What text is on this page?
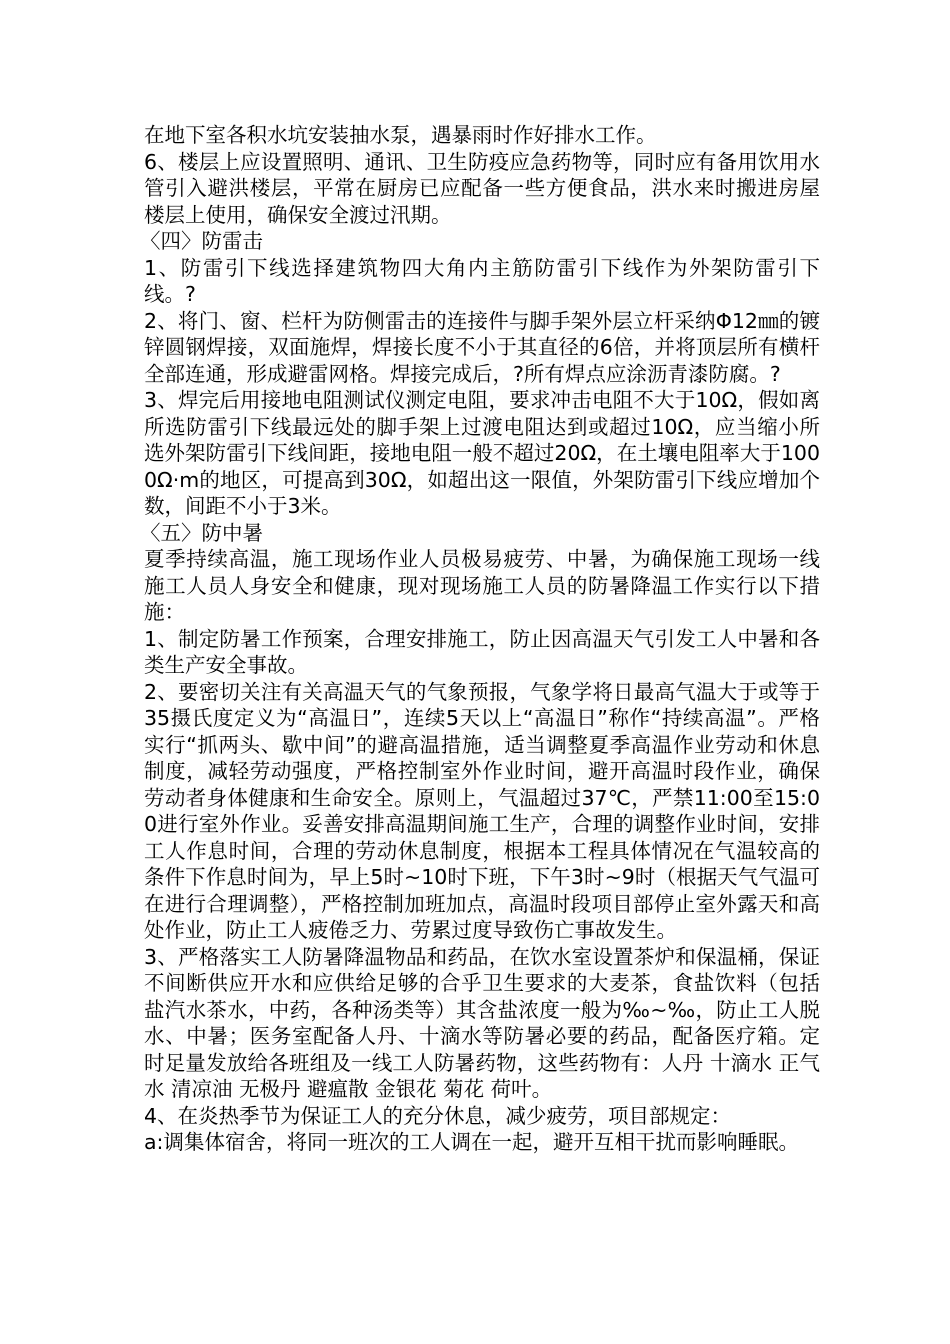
在地下室各积水坑安装抽水泵，遇暴雨时作好排水工作。

6、楼层上应设置照明、通讯、卫生防疫应急药物等，同时应有备用饮用水管引入避洪楼层，平常在厨房已应配备一些方便食品，洪水来时搬进房屋楼层上使用，确保安全渡过汛期。

〈四〉防雷击

1、防雷引下线选择建筑物四大角内主筋防雷引下线作为外架防雷引下线。?

2、将门、窗、栏杆为防侧雷击的连接件与脚手架外层立杆采纳Φ12㎜的镀锌圆钢焊接，双面施焊，焊接长度不小于其直径的6倍，并将顶层所有横杆全部连通，形成避雷网格。焊接完成后，?所有焊点应涂沥青漆防腐。?

3、焊完后用接地电阻测试仪测定电阻，要求冲击电阻不大于10Ω，假如离所选防雷引下线最远处的脚手架上过渡电阻达到或超过10Ω，应当缩小所选外架防雷引下线间距，接地电阻一般不超过20Ω，在土壤电阻率大于1000Ω·m的地区，可提高到30Ω，如超出这一限值，外架防雷引下线应增加个数，间距不小于3米。

〈五〉防中暑

夏季持续高温，施工现场作业人员极易疲劳、中暑，为确保施工现场一线施工人员人身安全和健康，现对现场施工人员的防暑降温工作实行以下措施：

1、制定防暑工作预案，合理安排施工，防止因高温天气引发工人中暑和各类生产安全事故。

2、要密切关注有关高温天气的气象预报，气象学将日最高气温大于或等于35摄氏度定义为“高温日”，连续5天以上“高温日”称作“持续高温”。严格实行“抓两头、歇中间”的避高温措施，适当调整夏季高温作业劳动和休息制度，减轻劳动强度，严格控制室外作业时间，避开高温时段作业，确保劳动者身体健康和生命安全。原则上，气温超过37℃，严禁11:00至15:00进行室外作业。妥善安排高温期间施工生产，合理的调整作业时间，安排工人作息时间，合理的劳动休息制度，根据本工程具体情况在气温较高的条件下作息时间为，早上5时~10时下班，下午3时~9时（根据天气气温可在进行合理调整），严格控制加班加点，高温时段项目部停止室外露天和高处作业，防止工人疲倦乏力、劳累过度导致伤亡事故发生。

3、严格落实工人防暑降温物品和药品，在饮水室设置茶炉和保温桶，保证不间断供应开水和应供给足够的合乎卫生要求的大麦茶，食盐饮料（包括盐汽水茶水，中药，各种汤类等）其含盐浓度一般为‰~‰，防止工人脱水、中暑；医务室配备人丹、十滴水等防暑必要的药品，配备医疗箱。定时足量发放给各班组及一线工人防暑药物，这些药物有：人丹 十滴水 正气水 清凉油 无极丹 避瘟散 金银花 菊花 荷叶。

4、在炎热季节为保证工人的充分休息，减少疲劳，项目部规定：

a:调集体宿舍，将同一班次的工人调在一起，避开互相干扰而影响睡眠。
